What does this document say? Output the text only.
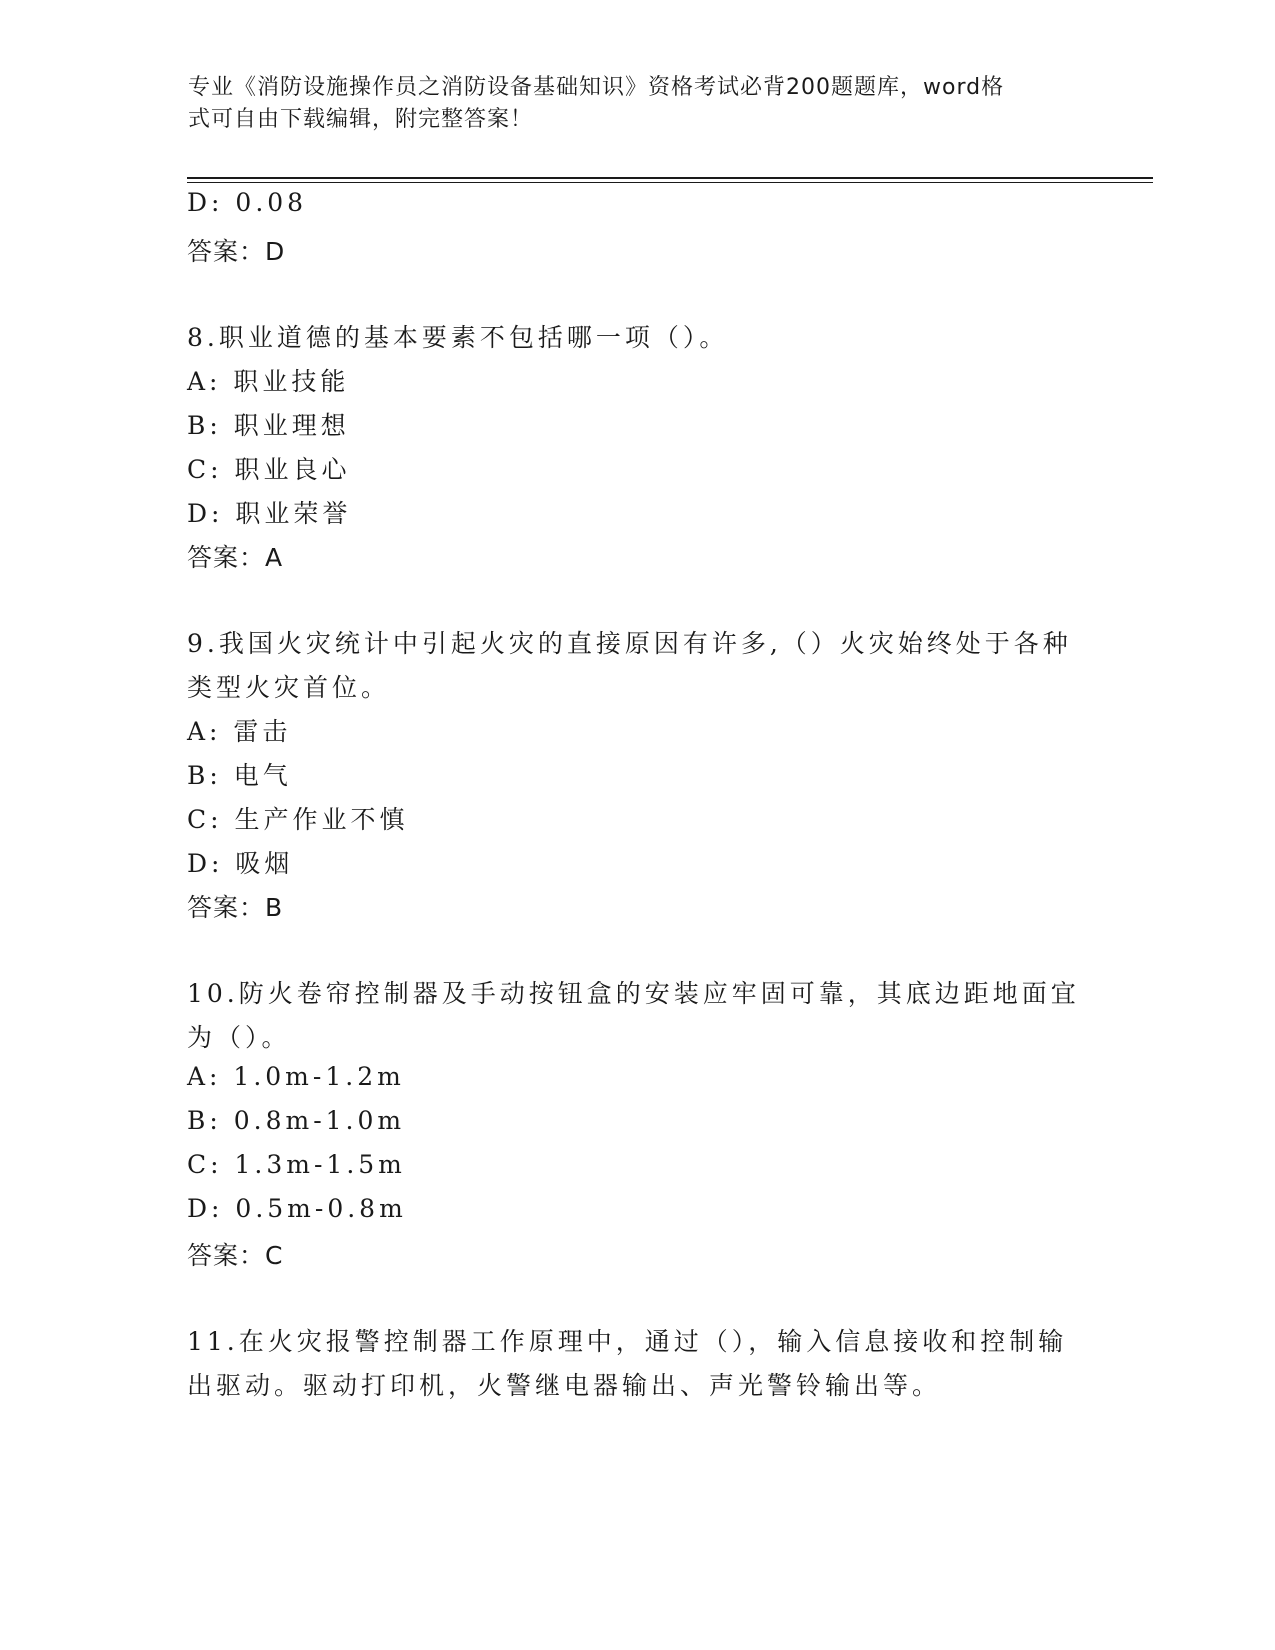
专业《消防设施操作员之消防设备基础知识》资格考试必背200题题库，word格
式可自由下载编辑，附完整答案！
D: 0.08
答案：D
8.职业道德的基本要素不包括哪一项（）。
A: 职业技能
B: 职业理想
C: 职业良心
D: 职业荣誉
答案：A
9.我国火灾统计中引起火灾的直接原因有许多,（）火灾始终处于各种
类型火灾首位。
A: 雷击
B: 电气
C: 生产作业不慎
D: 吸烟
答案：B
10.防火卷帘控制器及手动按钮盒的安装应牢固可靠，其底边距地面宜
为（）。
A: 1.0m-1.2m
B: 0.8m-1.0m
C: 1.3m-1.5m
D: 0.5m-0.8m
答案：C
11.在火灾报警控制器工作原理中，通过（），输入信息接收和控制输
出驱动。驱动打印机，火警继电器输出、声光警铃输出等。
